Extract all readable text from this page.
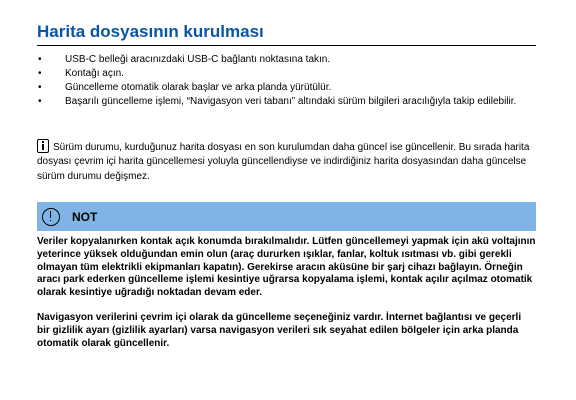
Harita dosyasının kurulması
• USB-C belleği aracınızdaki USB-C bağlantı noktasına takın.
• Kontağı açın.
• Güncelleme otomatik olarak başlar ve arka planda yürütülür.
• Başarılı güncelleme işlemi, “Navigasyon veri tabanı” altındaki sürüm bilgileri aracılığıyla takip edilebilir.
Sürüm durumu, kurduğunuz harita dosyası en son kurulumdan daha güncel ise güncellenir. Bu sırada harita dosyası çevrim içi harita güncellemesi yoluyla güncellendiyse ve indirdiğiniz harita dosyasından daha güncelse sürüm durumu değişmez.
NOT

Veriler kopyalanırken kontak açık konumda bırakılmalıdır. Lütfen güncellemeyi yapmak için akü voltajının yeterince yüksek olduğundan emin olun (araç dururken ışıklar, fanlar, koltuk ısıtması vb. gibi gerekli olmayan tüm elektrikli ekipmanları kapatın). Gerekirse aracın aküsüne bir şarj cihazı bağlayın. Örneğin aracı park ederken güncelleme işlemi kesintiye uğrarsa kopyalama işlemi, kontak açılır açılmaz otomatik olarak kesintiye uğradığı noktadan devam eder.

Navigasyon verilerini çevrim içi olarak da güncelleme seçeneğiniz vardır. İnternet bağlantısı ve geçerli bir gizlilik ayarı (gizlilik ayarları) varsa navigasyon verileri sık seyahat edilen bölgeler için arka planda otomatik olarak güncellenir.
